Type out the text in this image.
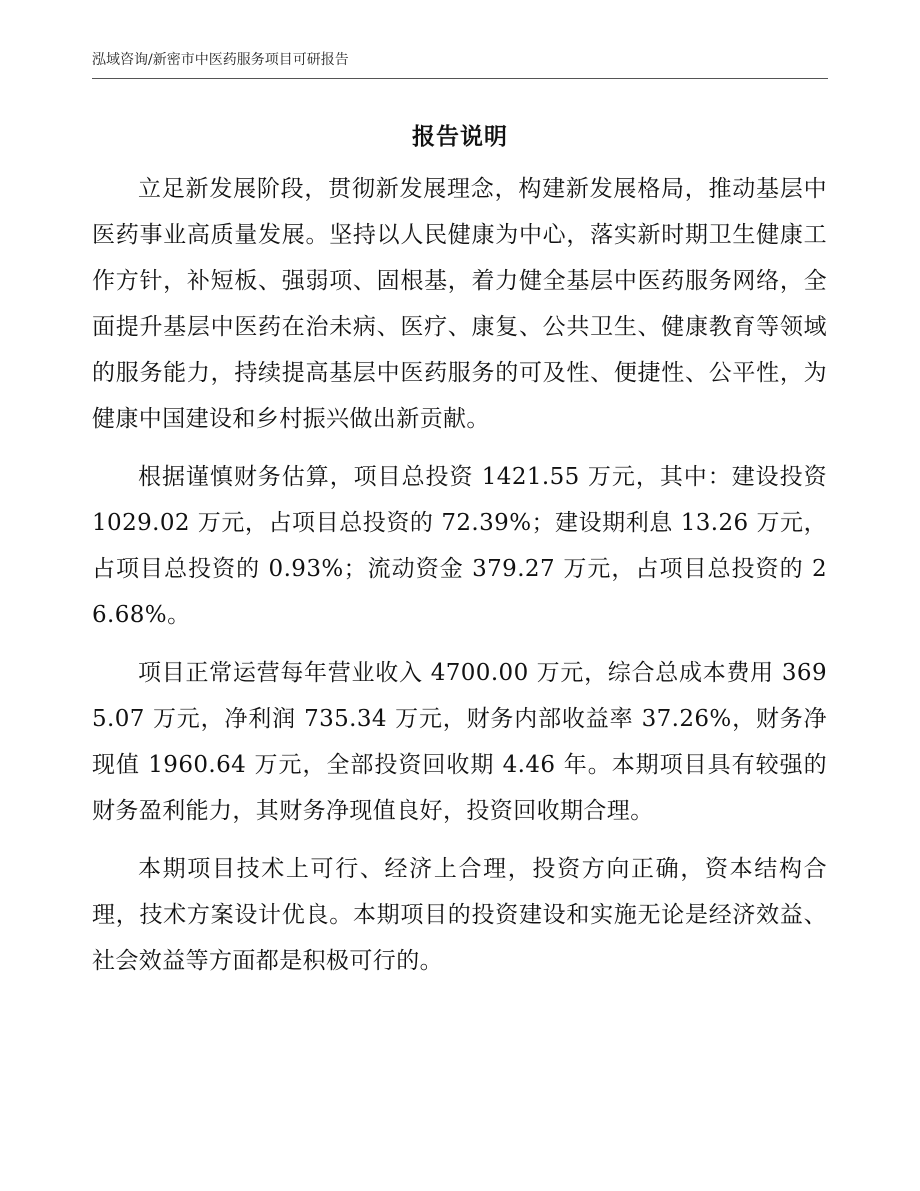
泓域咨询/新密市中医药服务项目可研报告
报告说明

立足新发展阶段，贯彻新发展理念，构建新发展格局，推动基层中医药事业高质量发展。坚持以人民健康为中心，落实新时期卫生健康工作方针，补短板、强弱项、固根基，着力健全基层中医药服务网络，全面提升基层中医药在治未病、医疗、康复、公共卫生、健康教育等领域的服务能力，持续提高基层中医药服务的可及性、便捷性、公平性，为健康中国建设和乡村振兴做出新贡献。

根据谨慎财务估算，项目总投资 1421.55 万元，其中：建设投资 1029.02 万元，占项目总投资的 72.39%；建设期利息 13.26 万元，占项目总投资的 0.93%；流动资金 379.27 万元，占项目总投资的 26.68%。

项目正常运营每年营业收入 4700.00 万元，综合总成本费用 3695.07 万元，净利润 735.34 万元，财务内部收益率 37.26%，财务净现值 1960.64 万元，全部投资回收期 4.46 年。本期项目具有较强的财务盈利能力，其财务净现值良好，投资回收期合理。

本期项目技术上可行、经济上合理，投资方向正确，资本结构合理，技术方案设计优良。本期项目的投资建设和实施无论是经济效益、社会效益等方面都是积极可行的。
